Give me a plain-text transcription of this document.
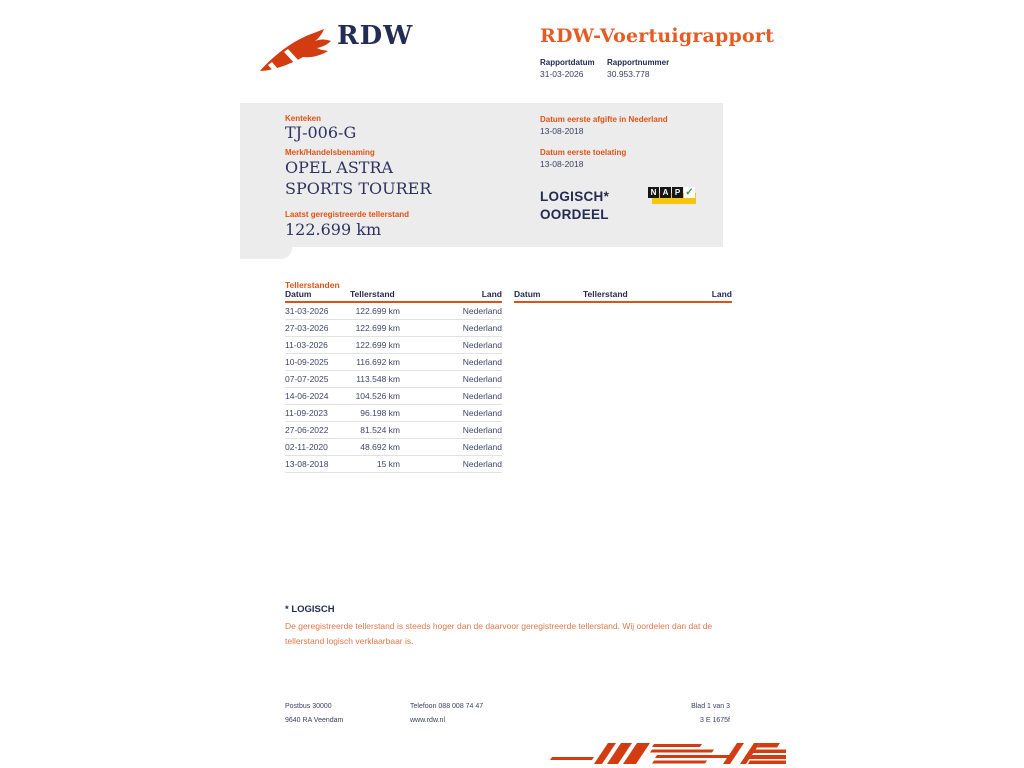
RDW	RDW-Voertuigrapport
Rapportdatum
31-03-2026
Rapportnummer
30.953.778
Kenteken
TJ-006-G
Merk/Handelsbenaming
OPEL ASTRA
SPORTS TOURER
Laatst geregistreerde tellerstand
122.699 km
Datum eerste afgifte in Nederland
13-08-2018
Datum eerste toelating
13-08-2018
LOGISCH*
OORDEEL
N A P ✓
Tellerstanden
Datum	Tellerstand	Land
31-03-2026	122.699 km	Nederland
27-03-2026	122.699 km	Nederland
11-03-2026	122.699 km	Nederland
10-09-2025	116.692 km	Nederland
07-07-2025	113.548 km	Nederland
14-06-2024	104.526 km	Nederland
11-09-2023	96.198 km	Nederland
27-06-2022	81.524 km	Nederland
02-11-2020	48.692 km	Nederland
13-08-2018	15 km	Nederland
Datum	Tellerstand	Land
* LOGISCH
De geregistreerde tellerstand is steeds hoger dan de daarvoor geregistreerde tellerstand. Wij oordelen dan dat de tellerstand logisch verklaarbaar is.
Postbus 30000
9640 RA Veendam
Telefoon 088 008 74 47
www.rdw.nl
Blad 1 van 3
3 E 1675f
